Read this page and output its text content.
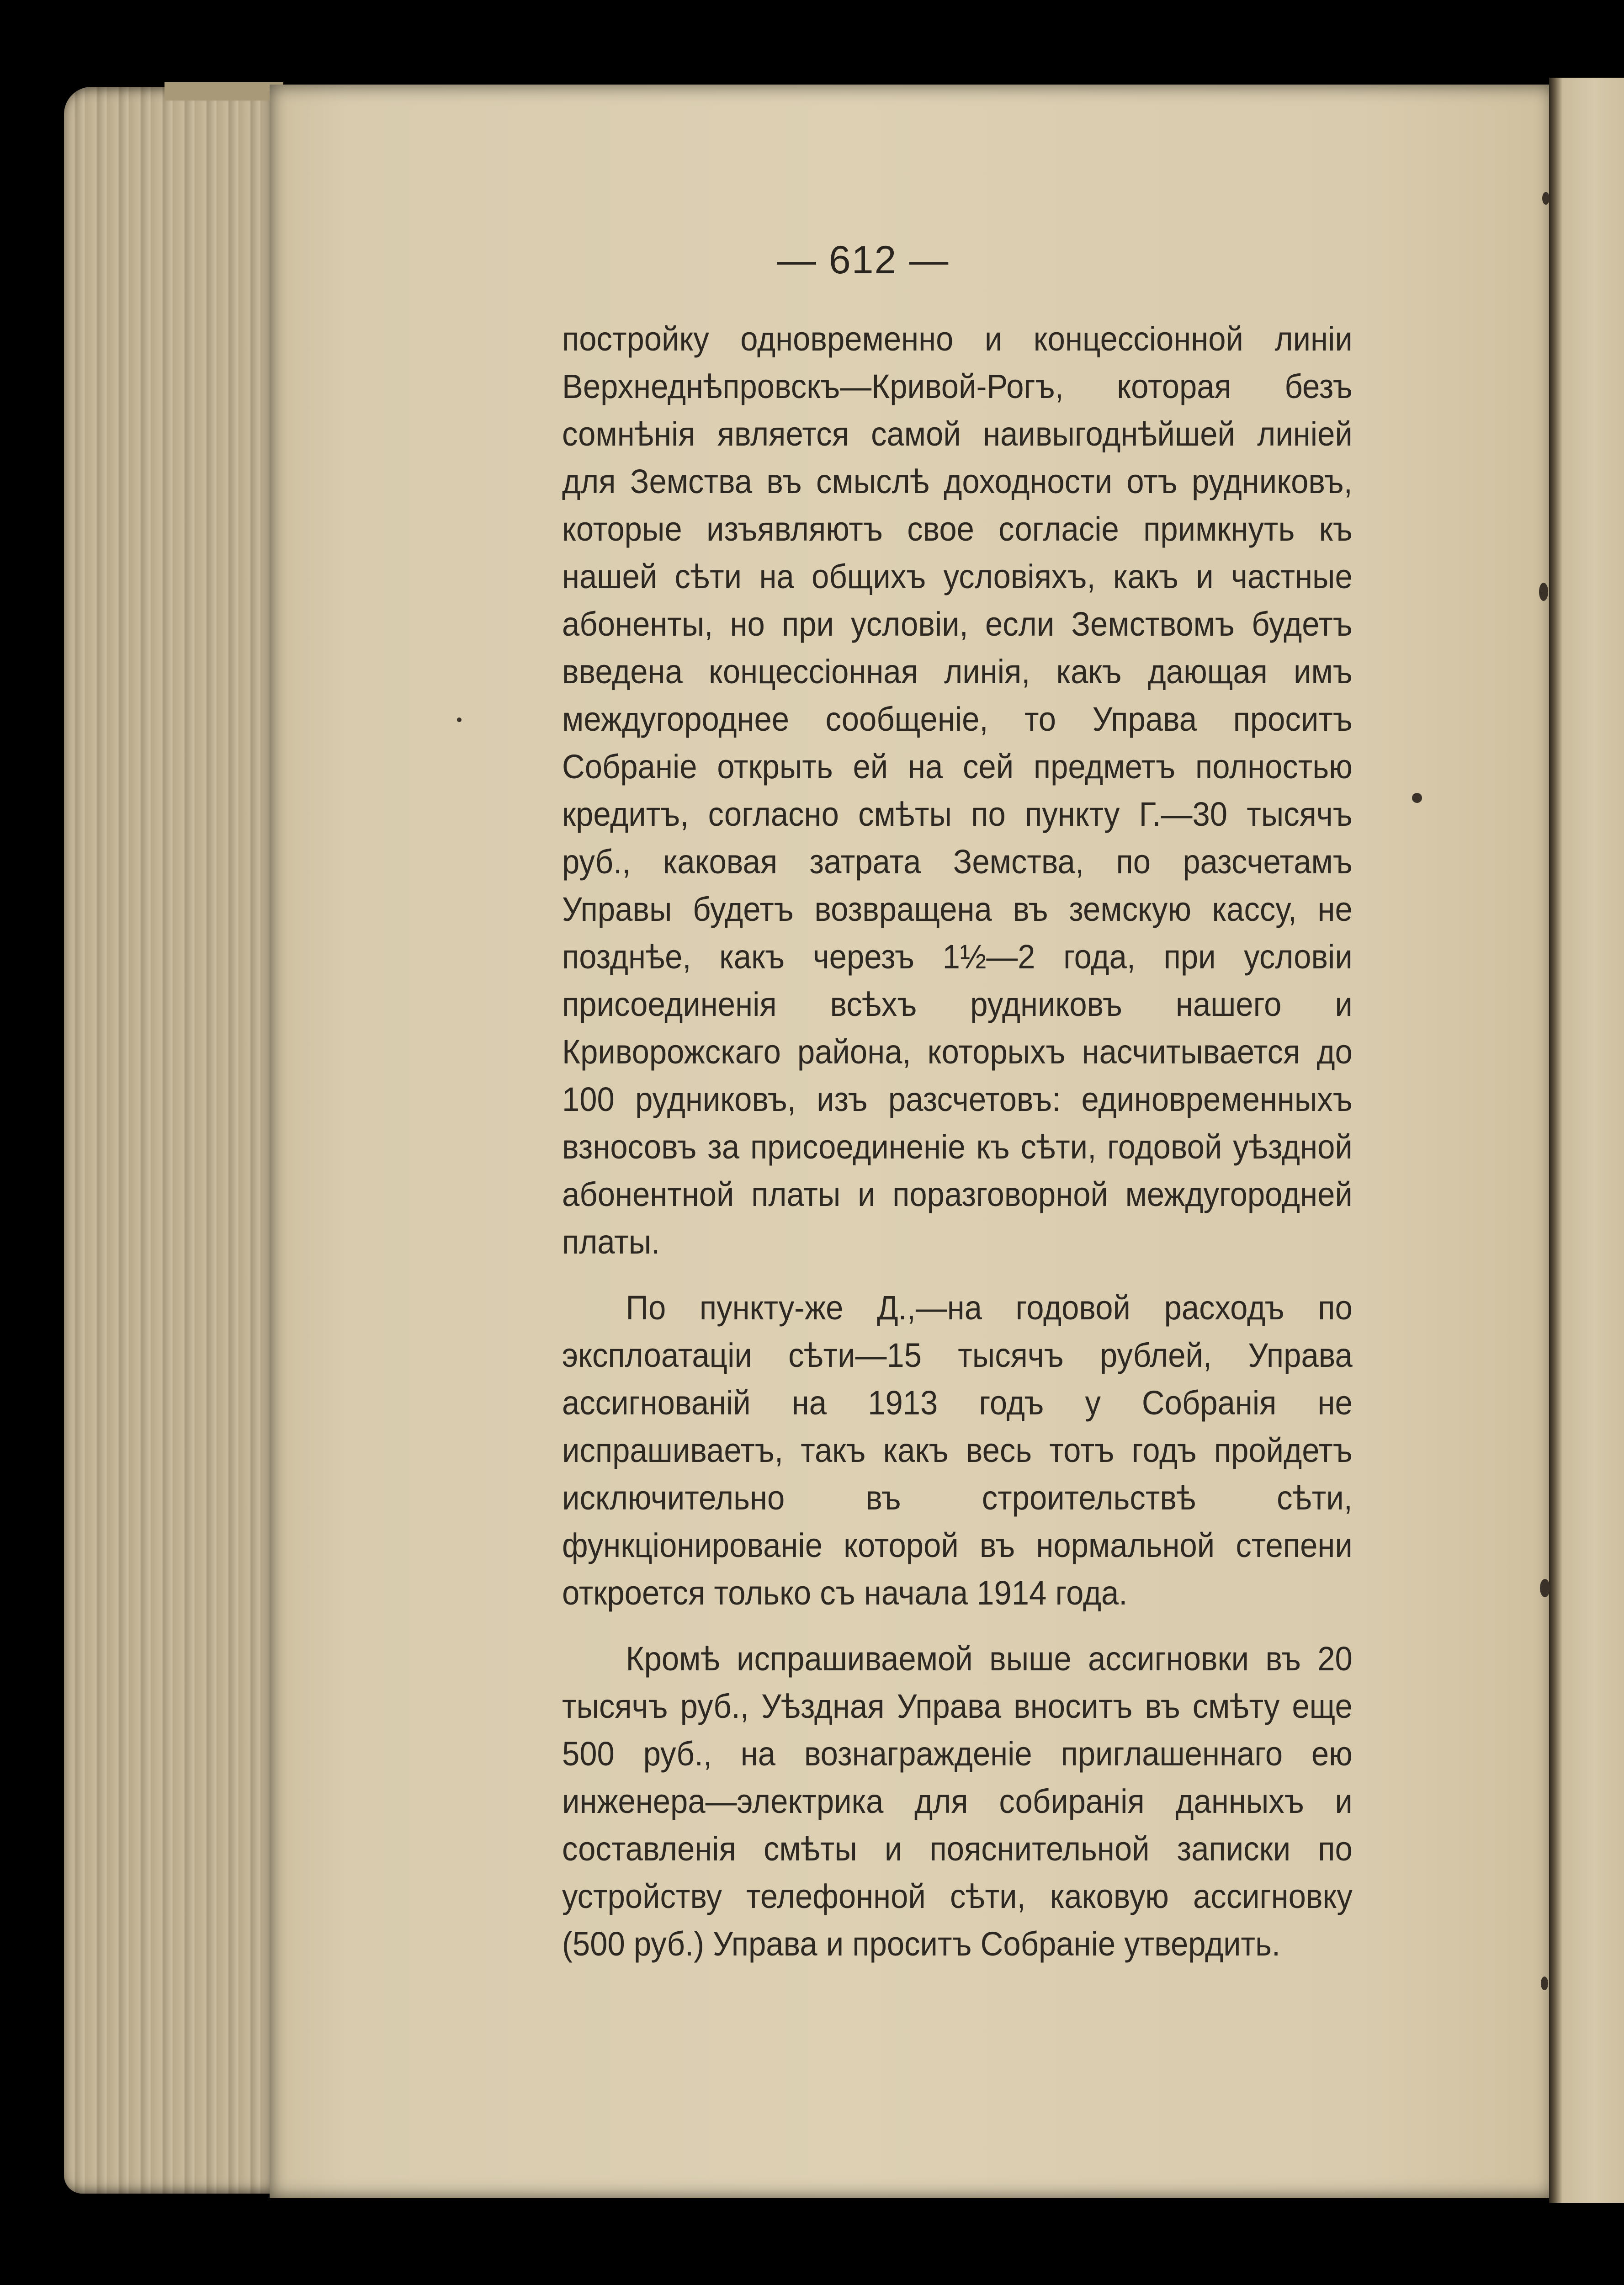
— 612 —

постройку одновременно и концессіонной линіи Верхнеднѣпровскъ—Кривой-Рогъ, которая безъ сомнѣнія является самой наивыгоднѣйшей линіей для Земства въ смыслѣ доходности отъ рудниковъ, которые изъявляютъ свое согласіе примкнуть къ нашей сѣти на общихъ условіяхъ, какъ и частные абоненты, но при условіи, если Земствомъ будетъ введена концессіонная линія, какъ дающая имъ междугороднее сообщеніе, то Управа проситъ Собраніе открыть ей на сей предметъ полностью кредитъ, согласно смѣты по пункту Г.—30 тысячъ руб., каковая затрата Земства, по разсчетамъ Управы будетъ возвращена въ земскую кассу, не позднѣе, какъ черезъ 1½—2 года, при условіи присоединенія всѣхъ рудниковъ нашего и Криворожскаго района, которыхъ насчитывается до 100 рудниковъ, изъ разсчетовъ: единовременныхъ взносовъ за присоединеніе къ сѣти, годовой уѣздной абонентной платы и поразговорной междугородней платы.

По пункту-же Д.,—на годовой расходъ по эксплоатаціи сѣти—15 тысячъ рублей, Управа ассигнованій на 1913 годъ у Собранія не испрашиваетъ, такъ какъ весь тотъ годъ пройдетъ исключительно въ строительствѣ сѣти, функціонированіе которой въ нормальной степени откроется только съ начала 1914 года.

Кромѣ испрашиваемой выше ассигновки въ 20 тысячъ руб., Уѣздная Управа вноситъ въ смѣту еще 500 руб., на вознагражденіе приглашеннаго ею инженера—электрика для собиранія данныхъ и составленія смѣты и пояснительной записки по устройству телефонной сѣти, каковую ассигновку (500 руб.) Управа и проситъ Собраніе утвердить.
